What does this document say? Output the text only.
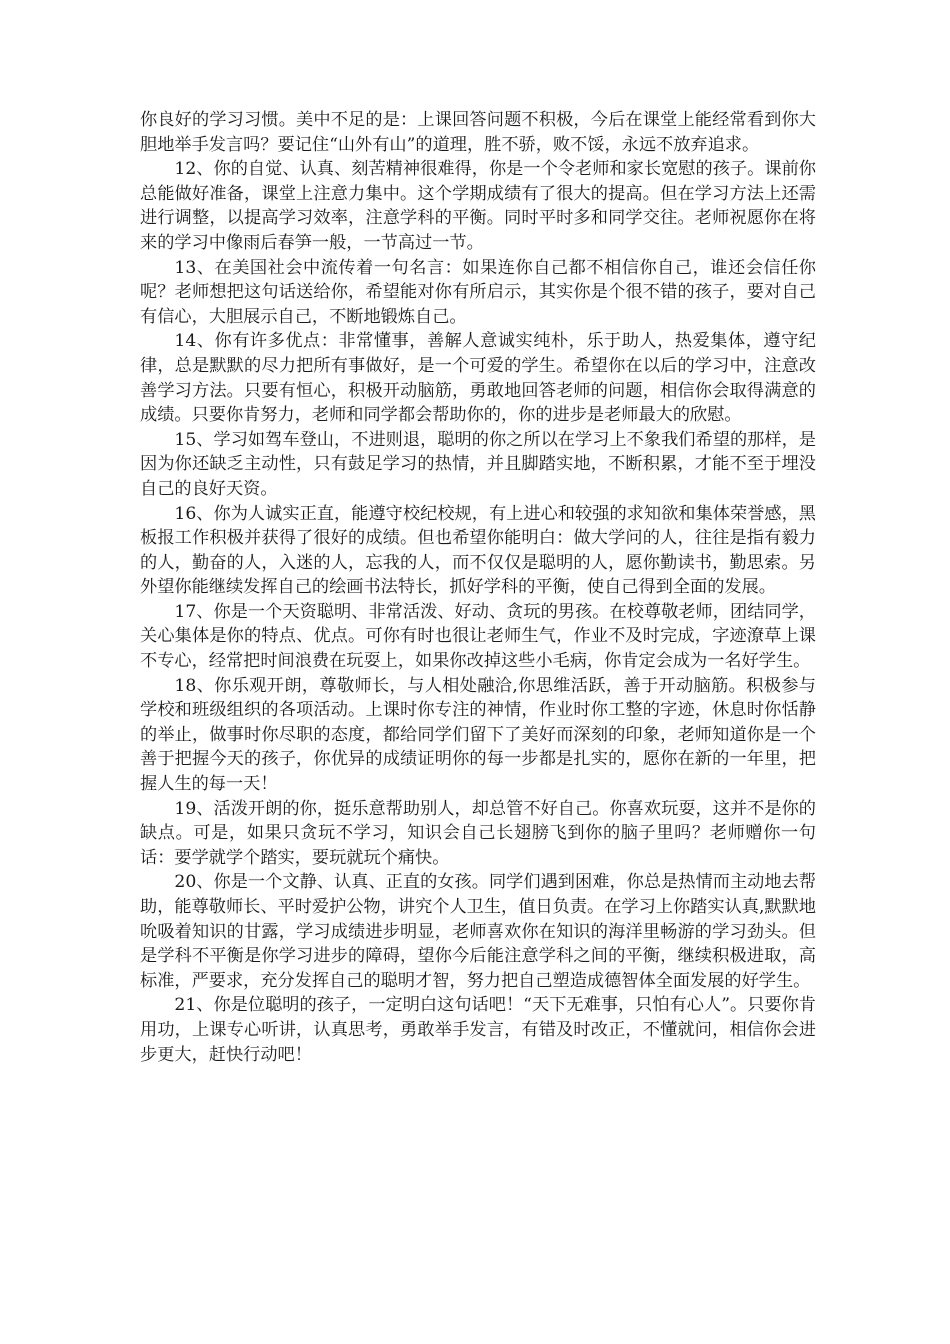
你良好的学习习惯。美中不足的是：上课回答问题不积极，今后在课堂上能经常看到你大胆地举手发言吗？要记住“山外有山”的道理，胜不骄，败不馁，永远不放弃追求。

12、你的自觉、认真、刻苦精神很难得，你是一个令老师和家长宽慰的孩子。课前你总能做好准备，课堂上注意力集中。这个学期成绩有了很大的提高。但在学习方法上还需进行调整，以提高学习效率，注意学科的平衡。同时平时多和同学交往。老师祝愿你在将来的学习中像雨后春笋一般，一节高过一节。

13、在美国社会中流传着一句名言：如果连你自己都不相信你自己，谁还会信任你呢？老师想把这句话送给你，希望能对你有所启示，其实你是个很不错的孩子，要对自己有信心，大胆展示自己，不断地锻炼自己。

14、你有许多优点：非常懂事，善解人意诚实纯朴，乐于助人，热爱集体，遵守纪律，总是默默的尽力把所有事做好，是一个可爱的学生。希望你在以后的学习中，注意改善学习方法。只要有恒心，积极开动脑筋，勇敢地回答老师的问题，相信你会取得满意的成绩。只要你肯努力，老师和同学都会帮助你的，你的进步是老师最大的欣慰。

15、学习如驾车登山，不进则退，聪明的你之所以在学习上不象我们希望的那样，是因为你还缺乏主动性，只有鼓足学习的热情，并且脚踏实地，不断积累，才能不至于埋没自己的良好天资。

16、你为人诚实正直，能遵守校纪校规，有上进心和较强的求知欲和集体荣誉感，黑板报工作积极并获得了很好的成绩。但也希望你能明白：做大学问的人，往往是指有毅力的人，勤奋的人，入迷的人，忘我的人，而不仅仅是聪明的人，愿你勤读书，勤思索。另外望你能继续发挥自己的绘画书法特长，抓好学科的平衡，使自己得到全面的发展。

17、你是一个天资聪明、非常活泼、好动、贪玩的男孩。在校尊敬老师，团结同学，关心集体是你的特点、优点。可你有时也很让老师生气，作业不及时完成，字迹潦草上课不专心，经常把时间浪费在玩耍上，如果你改掉这些小毛病，你肯定会成为一名好学生。

18、你乐观开朗，尊敬师长，与人相处融洽,你思维活跃，善于开动脑筋。积极参与学校和班级组织的各项活动。上课时你专注的神情，作业时你工整的字迹，休息时你恬静的举止，做事时你尽职的态度，都给同学们留下了美好而深刻的印象，老师知道你是一个善于把握今天的孩子，你优异的成绩证明你的每一步都是扎实的，愿你在新的一年里，把握人生的每一天！

19、活泼开朗的你，挺乐意帮助别人，却总管不好自己。你喜欢玩耍，这并不是你的缺点。可是，如果只贪玩不学习，知识会自己长翅膀飞到你的脑子里吗？老师赠你一句话：要学就学个踏实，要玩就玩个痛快。

20、你是一个文静、认真、正直的女孩。同学们遇到困难，你总是热情而主动地去帮助，能尊敬师长、平时爱护公物，讲究个人卫生，值日负责。在学习上你踏实认真,默默地吮吸着知识的甘露，学习成绩进步明显，老师喜欢你在知识的海洋里畅游的学习劲头。但是学科不平衡是你学习进步的障碍，望你今后能注意学科之间的平衡，继续积极进取，高标准，严要求，充分发挥自己的聪明才智，努力把自己塑造成德智体全面发展的好学生。

21、你是位聪明的孩子，一定明白这句话吧！“天下无难事，只怕有心人”。只要你肯用功，上课专心听讲，认真思考，勇敢举手发言，有错及时改正，不懂就问，相信你会进步更大，赶快行动吧！
